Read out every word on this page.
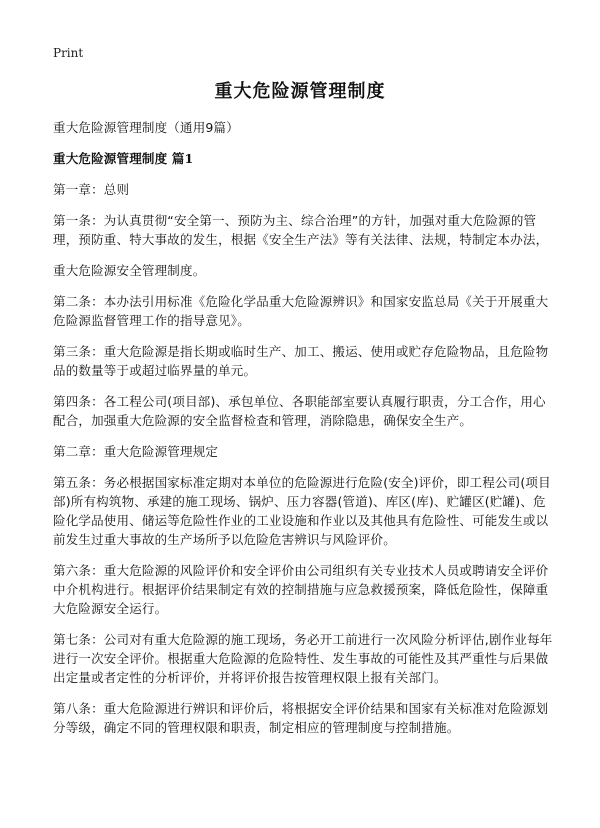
Print
重大危险源管理制度

重大危险源管理制度（通用9篇）

重大危险源管理制度 篇1

第一章：总则

第一条：为认真贯彻“安全第一、预防为主、综合治理”的方针，加强对重大危险源的管理，预防重、特大事故的发生，根据《安全生产法》等有关法律、法规，特制定本办法，

重大危险源安全管理制度。

第二条：本办法引用标准《危险化学品重大危险源辨识》和国家安监总局《关于开展重大危险源监督管理工作的指导意见》。

第三条：重大危险源是指长期或临时生产、加工、搬运、使用或贮存危险物品，且危险物品的数量等于或超过临界量的单元。

第四条：各工程公司(项目部)、承包单位、各职能部室要认真履行职责，分工合作，用心配合，加强重大危险源的安全监督检查和管理，消除隐患，确保安全生产。

第二章：重大危险源管理规定

第五条：务必根据国家标准定期对本单位的危险源进行危险(安全)评价，即工程公司(项目部)所有构筑物、承建的施工现场、锅炉、压力容器(管道)、库区(库)、贮罐区(贮罐)、危险化学品使用、储运等危险性作业的工业设施和作业以及其他具有危险性、可能发生或以前发生过重大事故的生产场所予以危险危害辨识与风险评价。

第六条：重大危险源的风险评价和安全评价由公司组织有关专业技术人员或聘请安全评价中介机构进行。根据评价结果制定有效的控制措施与应急救援预案，降低危险性，保障重大危险源安全运行。

第七条：公司对有重大危险源的施工现场，务必开工前进行一次风险分析评估,剧作业每年进行一次安全评价。根据重大危险源的危险特性、发生事故的可能性及其严重性与后果做出定量或者定性的分析评价，并将评价报告按管理权限上报有关部门。

第八条：重大危险源进行辨识和评价后，将根据安全评价结果和国家有关标准对危险源划分等级，确定不同的管理权限和职责，制定相应的管理制度与控制措施。
